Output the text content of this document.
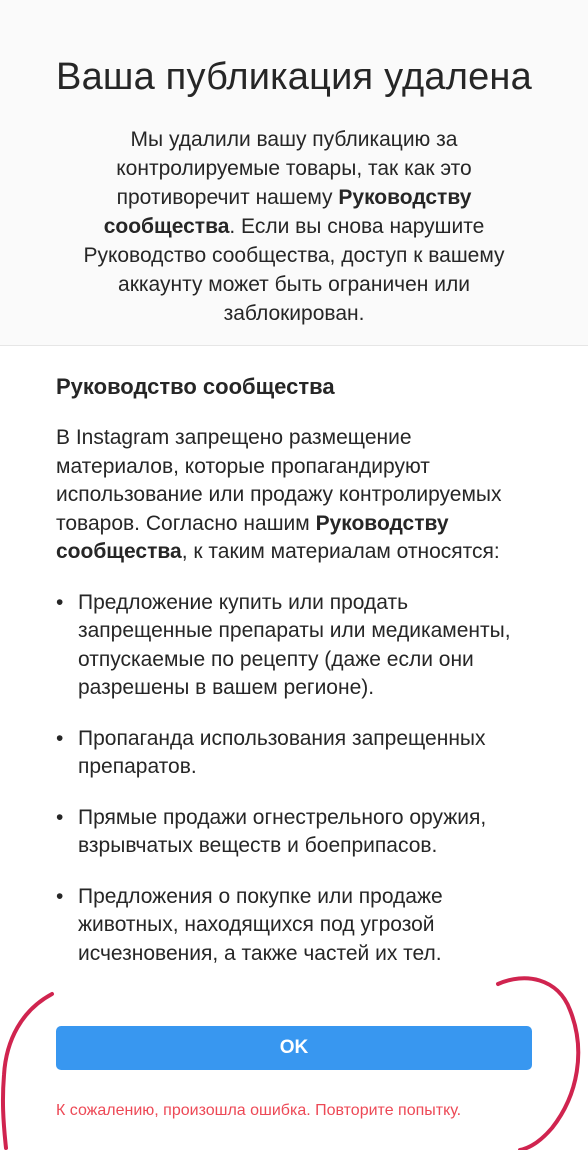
Ваша публикация удалена

Мы удалили вашу публикацию за контролируемые товары, так как это противоречит нашему Руководству сообщества. Если вы снова нарушите Руководство сообщества, доступ к вашему аккаунту может быть ограничен или заблокирован.

Руководство сообщества

В Instagram запрещено размещение материалов, которые пропагандируют использование или продажу контролируемых товаров. Согласно нашим Руководству сообщества, к таким материалам относятся:

• Предложение купить или продать запрещенные препараты или медикаменты, отпускаемые по рецепту (даже если они разрешены в вашем регионе).
• Пропаганда использования запрещенных препаратов.
• Прямые продажи огнестрельного оружия, взрывчатых веществ и боеприпасов.
• Предложения о покупке или продаже животных, находящихся под угрозой исчезновения, а также частей их тел.
OK
К сожалению, произошла ошибка. Повторите попытку.
